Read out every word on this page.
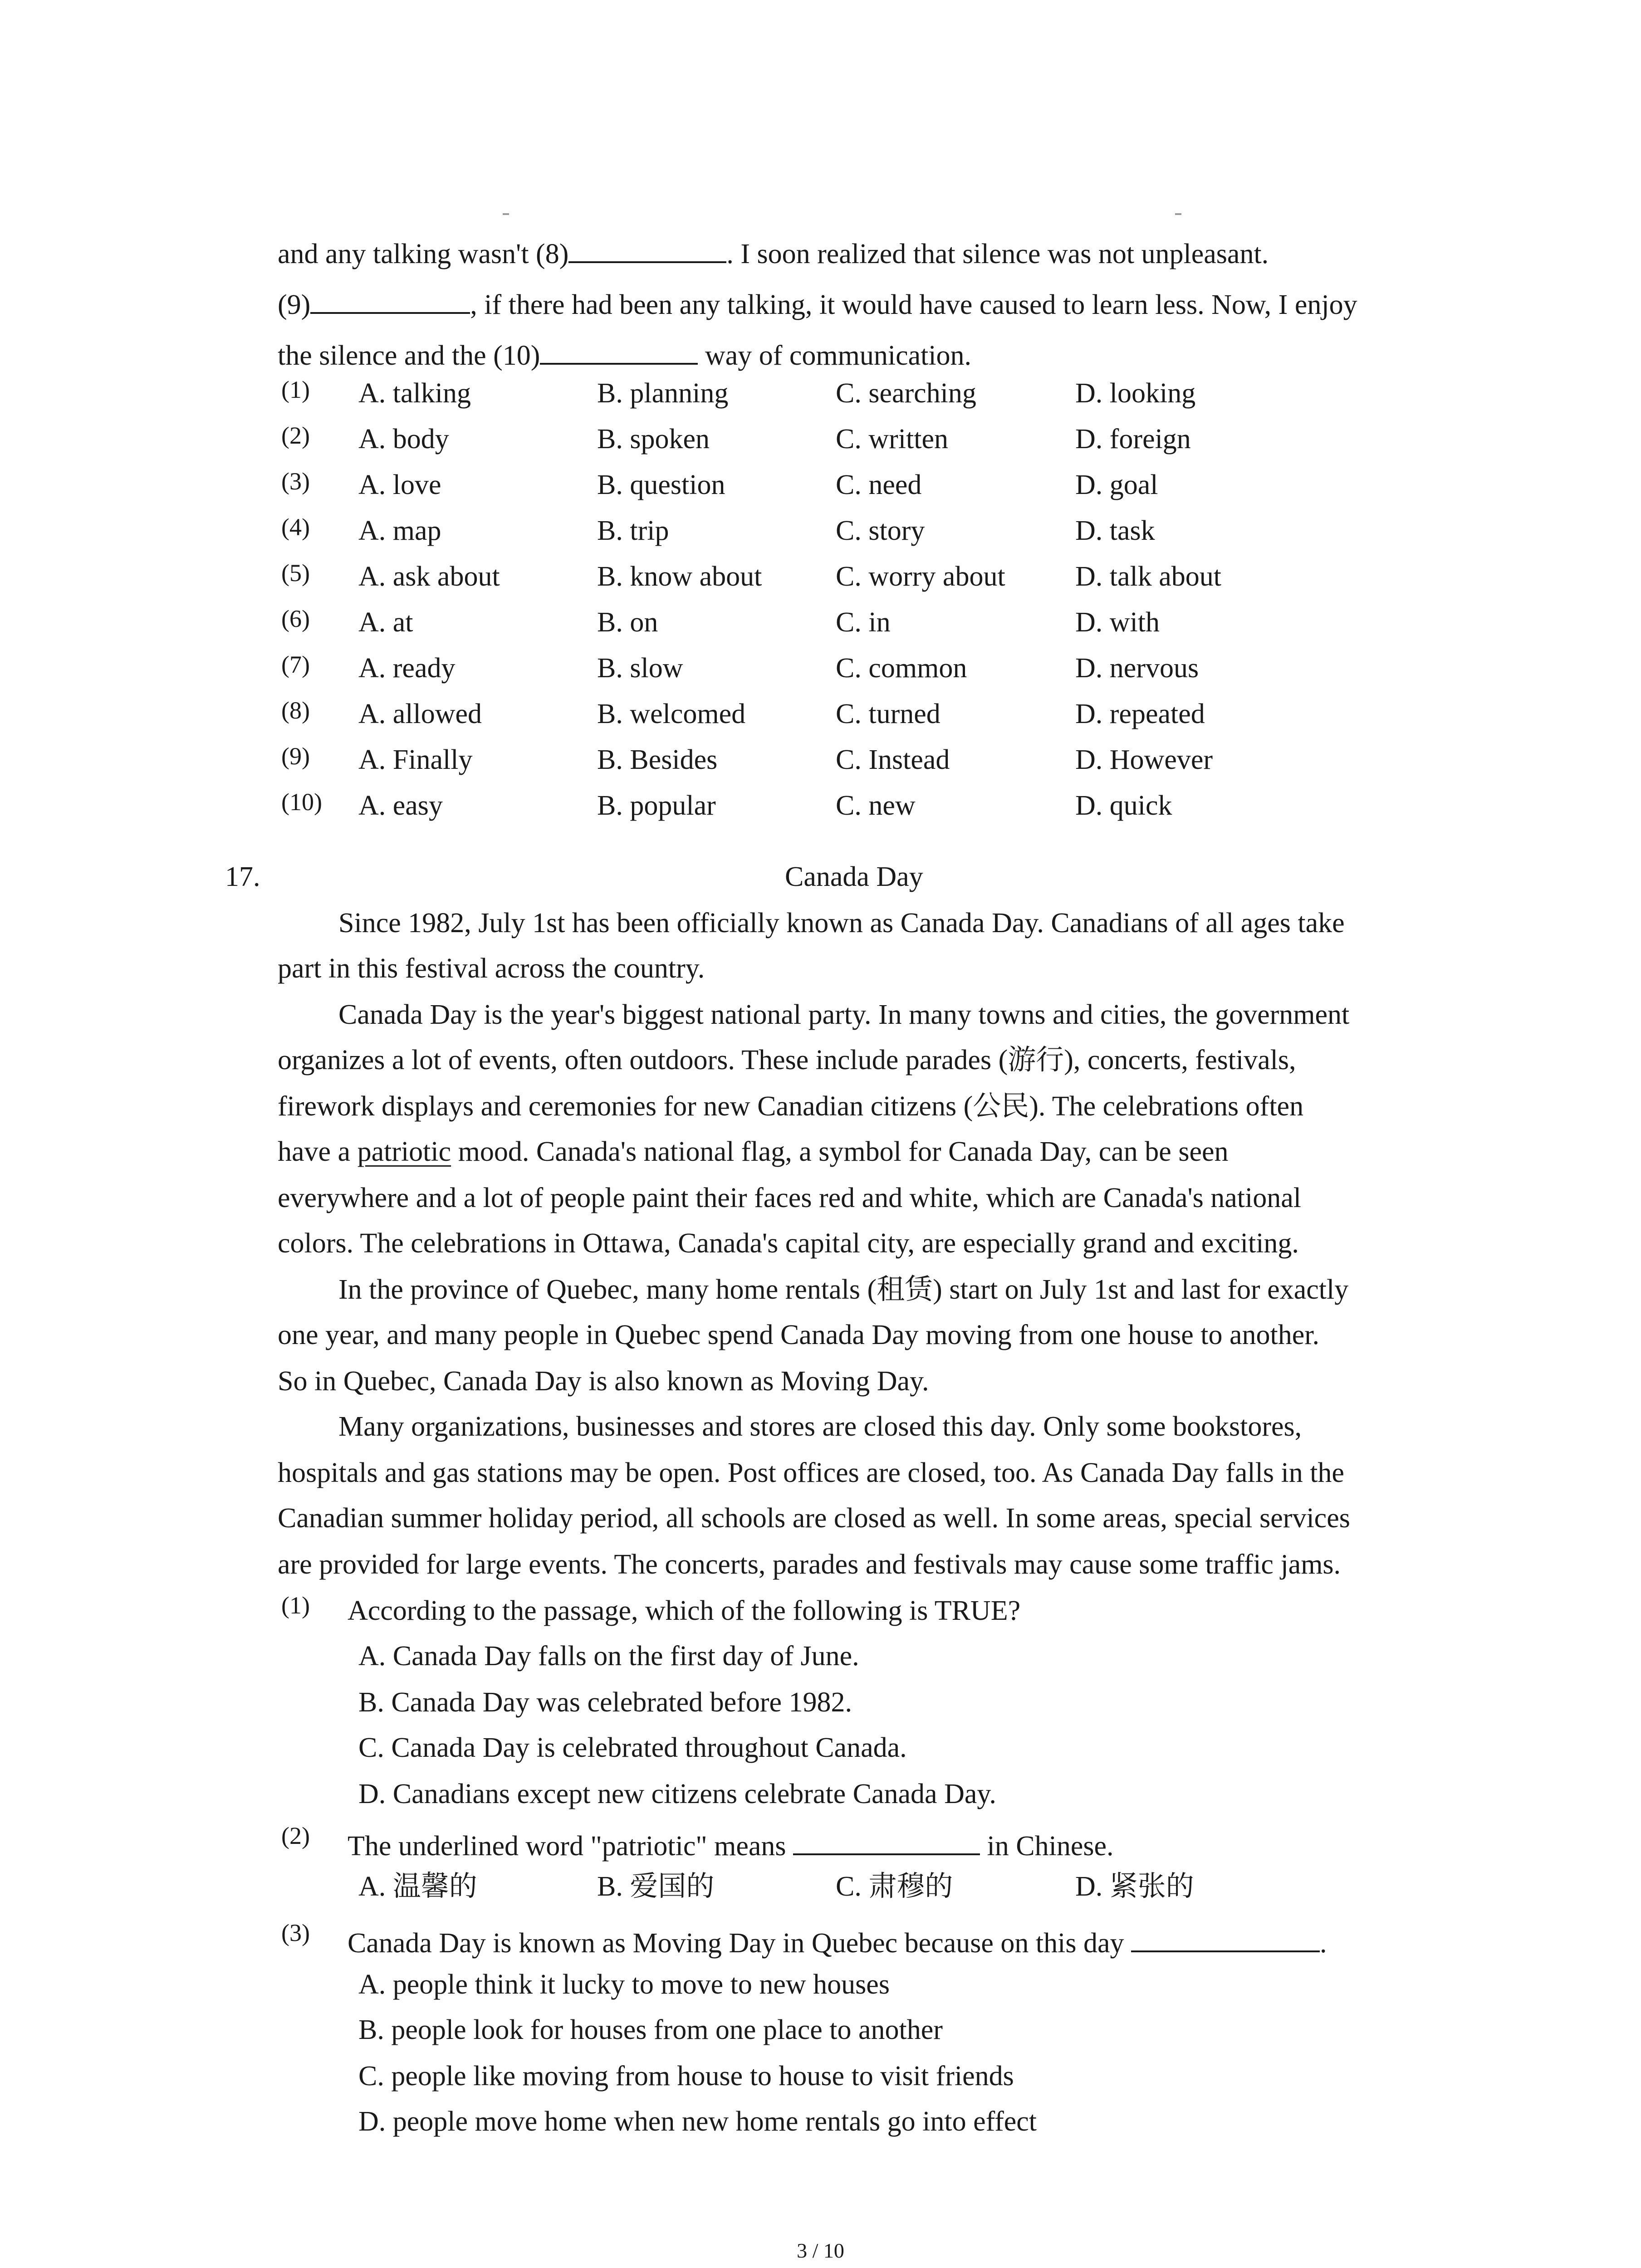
and any talking wasn't (8)	. I soon realized that silence was not unpleasant.
(9)	, if there had been any talking, it would have caused to learn less. Now, I enjoy
the silence and the (10)	way of communication.
(1) A. talking	B. planning	C. searching	D. looking
(2) A. body	B. spoken	C. written	D. foreign
(3) A. love	B. question	C. need	D. goal
(4) A. map	B. trip	C. story	D. task
(5) A. ask about	B. know about	C. worry about D. talk about
(6) A. at	B. on	C. in	D. with
(7) A. ready	B. slow	C. common	D. nervous
(8) A. allowed	B. welcomed	C. turned	D. repeated
(9) A. Finally	B. Besides	C. Instead	D. However
(10) A. easy	B. popular	C. new	D. quick
17.	Canada Day
Since 1982, July 1st has been officially known as Canada Day. Canadians of all ages take
part in this festival across the country.
Canada Day is the year's biggest national party. In many towns and cities, the government
organizes a lot of events, often outdoors. These include parades (游行), concerts, festivals,
firework displays and ceremonies for new Canadian citizens (公民). The celebrations often
have a patriotic mood. Canada's national flag, a symbol for Canada Day, can be seen
everywhere and a lot of people paint their faces red and white, which are Canada's national
colors. The celebrations in Ottawa, Canada's capital city, are especially grand and exciting.
In the province of Quebec, many home rentals (租赁) start on July 1st and last for exactly
one year, and many people in Quebec spend Canada Day moving from one house to another.
So in Quebec, Canada Day is also known as Moving Day.
Many organizations, businesses and stores are closed this day. Only some bookstores,
hospitals and gas stations may be open. Post offices are closed, too. As Canada Day falls in the
Canadian summer holiday period, all schools are closed as well. In some areas, special services
are provided for large events. The concerts, parades and festivals may cause some traffic jams.
(1) According to the passage, which of the following is TRUE?
A. Canada Day falls on the first day of June.
B. Canada Day was celebrated before 1982.
C. Canada Day is celebrated throughout Canada.
D. Canadians except new citizens celebrate Canada Day.
(2) The underlined word "patriotic" means	in Chinese.
A. 温馨的	B. 爱国的	C. 肃穆的	D. 紧张的
(3) Canada Day is known as Moving Day in Quebec because on this day	.
A. people think it lucky to move to new houses
B. people look for houses from one place to another
C. people like moving from house to house to visit friends
D. people move home when new home rentals go into effect
3 / 10
